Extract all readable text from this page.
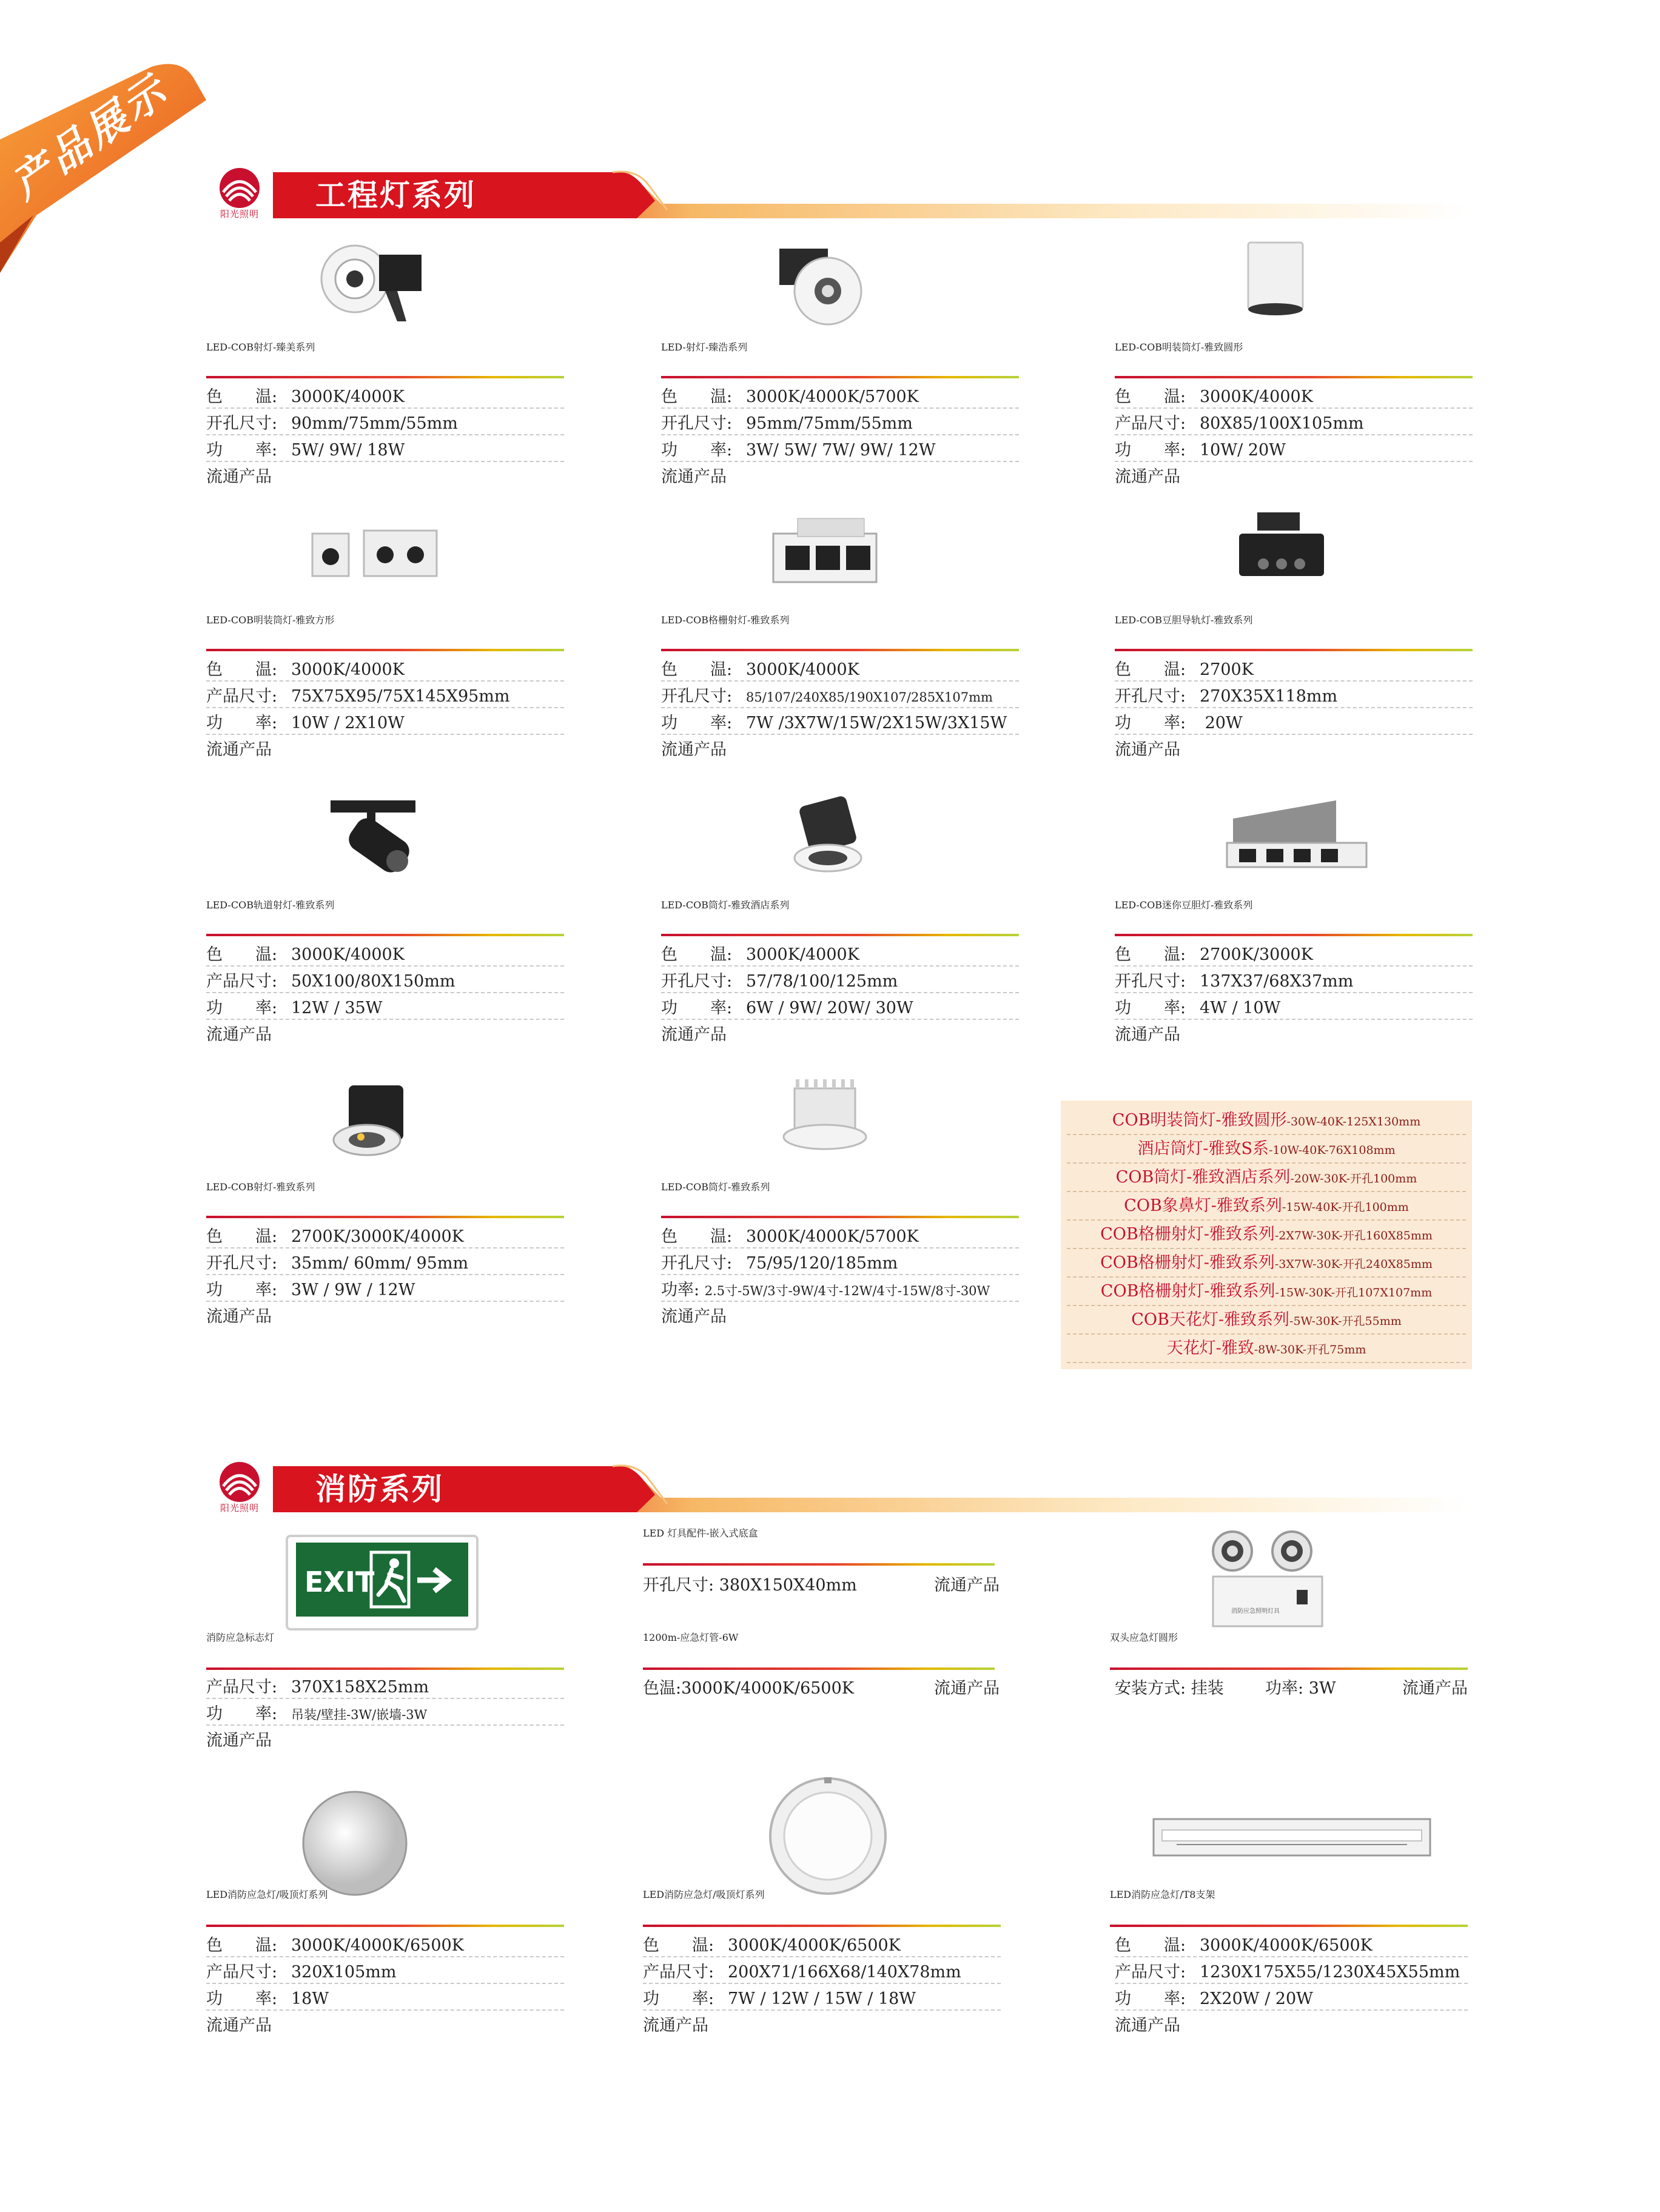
产品展示
阳光照明
工程灯系列
LED-COB射灯-臻美系列
色　　温: 3000K/4000K
开孔尺寸: 90mm/75mm/55mm
功　　率: 5W/ 9W/ 18W
流通产品
LED-射灯-臻浩系列
色　　温: 3000K/4000K/5700K
开孔尺寸: 95mm/75mm/55mm
功　　率: 3W/ 5W/ 7W/ 9W/ 12W
流通产品
LED-COB明装筒灯-雅致圆形
色　　温: 3000K/4000K
产品尺寸: 80X85/100X105mm
功　　率: 10W/ 20W
流通产品
LED-COB明装筒灯-雅致方形
色　　温: 3000K/4000K
产品尺寸: 75X75X95/75X145X95mm
功　　率: 10W / 2X10W
流通产品
LED-COB格栅射灯-雅致系列
色　　温: 3000K/4000K
开孔尺寸: 85/107/240X85/190X107/285X107mm
功　　率: 7W /3X7W/15W/2X15W/3X15W
流通产品
LED-COB豆胆导轨灯-雅致系列
色　　温: 2700K
开孔尺寸: 270X35X118mm
功　　率: 20W
流通产品
LED-COB轨道射灯-雅致系列
色　　温: 3000K/4000K
产品尺寸: 50X100/80X150mm
功　　率: 12W / 35W
流通产品
LED-COB筒灯-雅致酒店系列
色　　温: 3000K/4000K
开孔尺寸: 57/78/100/125mm
功　　率: 6W / 9W/ 20W/ 30W
流通产品
LED-COB迷你豆胆灯-雅致系列
色　　温: 2700K/3000K
开孔尺寸: 137X37/68X37mm
功　　率: 4W / 10W
流通产品
LED-COB射灯-雅致系列
色　　温: 2700K/3000K/4000K
开孔尺寸: 35mm/ 60mm/ 95mm
功　　率: 3W / 9W / 12W
流通产品
LED-COB筒灯-雅致系列
色　　温: 3000K/4000K/5700K
开孔尺寸: 75/95/120/185mm
功率: 2.5寸-5W/3寸-9W/4寸-12W/4寸-15W/8寸-30W
流通产品
COB明装筒灯-雅致圆形-30W-40K-125X130mm
酒店筒灯-雅致S系-10W-40K-76X108mm
COB筒灯-雅致酒店系列-20W-30K-开孔100mm
COB象鼻灯-雅致系列-15W-40K-开孔100mm
COB格栅射灯-雅致系列-2X7W-30K-开孔160X85mm
COB格栅射灯-雅致系列-3X7W-30K-开孔240X85mm
COB格栅射灯-雅致系列-15W-30K-开孔107X107mm
COB天花灯-雅致系列-5W-30K-开孔55mm
天花灯-雅致-8W-30K-开孔75mm
阳光照明
消防系列
EXIT
消防应急标志灯
产品尺寸: 370X158X25mm
功　　率: 吊装/壁挂-3W/嵌墙-3W
流通产品
LED 灯具配件-嵌入式底盒
开孔尺寸: 380X150X40mm	流通产品
1200m-应急灯管-6W
色温:3000K/4000K/6500K	流通产品
消防应急照明灯具
双头应急灯圆形
安装方式: 挂装	功率: 3W	流通产品
LED消防应急灯/吸顶灯系列
色　　温: 3000K/4000K/6500K
产品尺寸: 320X105mm
功　　率: 18W
流通产品
LED消防应急灯/吸顶灯系列
色　　温: 3000K/4000K/6500K
产品尺寸: 200X71/166X68/140X78mm
功　　率: 7W / 12W / 15W / 18W
流通产品
LED消防应急灯/T8支架
色　　温: 3000K/4000K/6500K
产品尺寸: 1230X175X55/1230X45X55mm
功　　率: 2X20W / 20W
流通产品
